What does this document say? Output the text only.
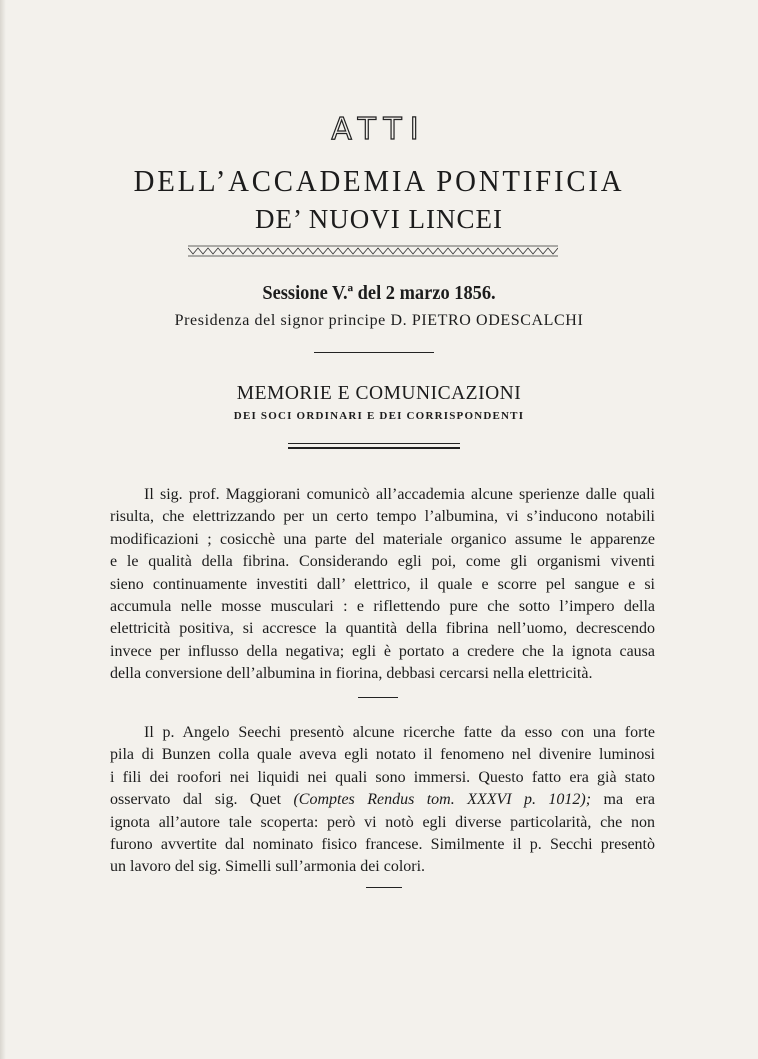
ATTI
DELL’ACCADEMIA PONTIFICIA
DE’ NUOVI LINCEI
Sessione V.ª del 2 marzo 1856.
Presidenza del signor principe D. PIETRO ODESCALCHI
MEMORIE E COMUNICAZIONI
DEI SOCI ORDINARI E DEI CORRISPONDENTI
Il sig. prof. Maggiorani comunicò all’accademia alcune sperienze dalle quali
risulta, che elettrizzando per un certo tempo l’albumina, vi s’inducono notabili
modificazioni ; cosicchè una parte del materiale organico assume le apparenze
e le qualità della fibrina. Considerando egli poi, come gli organismi viventi
sieno continuamente investiti dall’ elettrico, il quale e scorre pel sangue e si
accumula nelle mosse musculari : e riflettendo pure che sotto l’impero della
elettricità positiva, si accresce la quantità della fibrina nell’uomo, decrescendo
invece per influsso della negativa; egli è portato a credere che la ignota causa
della conversione dell’albumina in fiorina, debbasi cercarsi nella elettricità.
Il p. Angelo Seechi presentò alcune ricerche fatte da esso con una forte
pila di Bunzen colla quale aveva egli notato il fenomeno nel divenire luminosi
i fili dei roofori nei liquidi nei quali sono immersi. Questo fatto era già stato
osservato dal sig. Quet (Comptes Rendus tom. XXXVI p. 1012); ma era
ignota all’autore tale scoperta: però vi notò egli diverse particolarità, che non
furono avvertite dal nominato fisico francese. Similmente il p. Secchi presentò
un lavoro del sig. Simelli sull’armonia dei colori.
